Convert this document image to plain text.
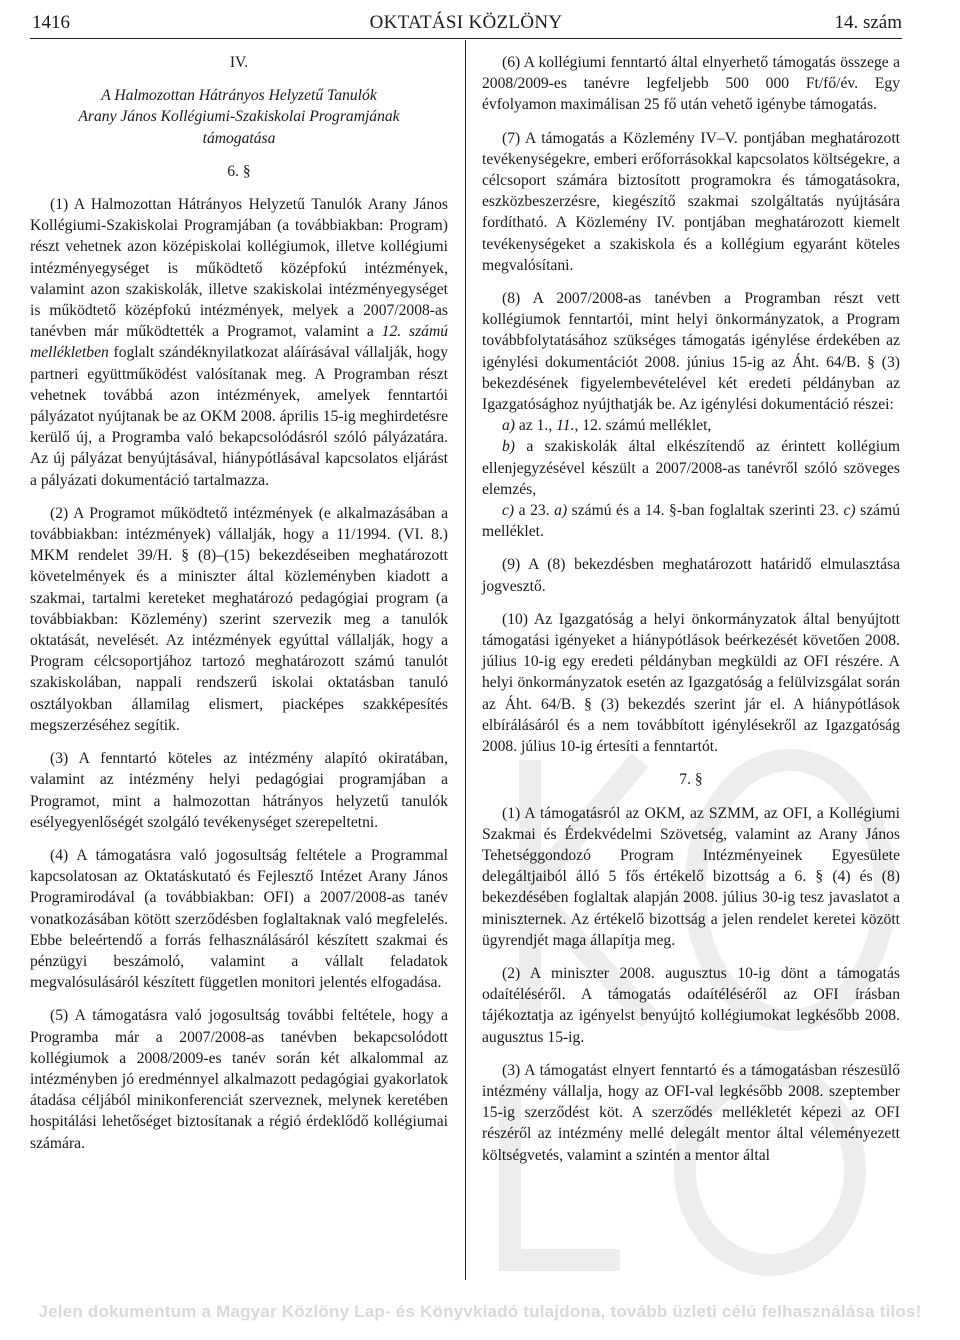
1416	OKTATÁSI KÖZLÖNY	14. szám

IV.

A Halmozottan Hátrányos Helyzetű Tanulók
Arany János Kollégiumi-Szakiskolai Programjának
támogatása

6. §

(1) A Halmozottan Hátrányos Helyzetű Tanulók Arany János Kollégiumi-Szakiskolai Programjában (a továbbiakban: Program) részt vehetnek azon középiskolai kollégiumok, illetve kollégiumi intézményegységet is működtető középfokú intézmények, valamint azon szakiskolák, illetve szakiskolai intézményegységet is működtető középfokú intézmények, melyek a 2007/2008-as tanévben már működtették a Programot, valamint a 12. számú mellékletben foglalt szándéknyilatkozat aláírásával vállalják, hogy partneri együttműködést valósítanak meg. A Programban részt vehetnek továbbá azon intézmények, amelyek fenntartói pályázatot nyújtanak be az OKM 2008. április 15-ig meghirdetésre kerülő új, a Programba való bekapcsolódásról szóló pályázatára. Az új pályázat benyújtásával, hiánypótlásával kapcsolatos eljárást a pályázati dokumentáció tartalmazza.

(2) A Programot működtető intézmények (e alkalmazásában a továbbiakban: intézmények) vállalják, hogy a 11/1994. (VI. 8.) MKM rendelet 39/H. § (8)–(15) bekezdéseiben meghatározott követelmények és a miniszter által közleményben kiadott a szakmai, tartalmi kereteket meghatározó pedagógiai program (a továbbiakban: Közlemény) szerint szervezik meg a tanulók oktatását, nevelését. Az intézmények egyúttal vállalják, hogy a Program célcsoportjához tartozó meghatározott számú tanulót szakiskolában, nappali rendszerű iskolai oktatásban tanuló osztályokban államilag elismert, piacképes szakképesítés megszerzéséhez segítik.

(3) A fenntartó köteles az intézmény alapító okiratában, valamint az intézmény helyi pedagógiai programjában a Programot, mint a halmozottan hátrányos helyzetű tanulók esélyegyenlőségét szolgáló tevékenységet szerepeltetni.

(4) A támogatásra való jogosultság feltétele a Programmal kapcsolatosan az Oktatáskutató és Fejlesztő Intézet Arany János Programirodával (a továbbiakban: OFI) a 2007/2008-as tanév vonatkozásában kötött szerződésben foglaltaknak való megfelelés. Ebbe beleértendő a forrás felhasználásáról készített szakmai és pénzügyi beszámoló, valamint a vállalt feladatok megvalósulásáról készített független monitori jelentés elfogadása.

(5) A támogatásra való jogosultság további feltétele, hogy a Programba már a 2007/2008-as tanévben bekapcsolódott kollégiumok a 2008/2009-es tanév során két alkalommal az intézményben jó eredménnyel alkalmazott pedagógiai gyakorlatok átadása céljából minikonferenciát szerveznek, melynek keretében hospitálási lehetőséget biztosítanak a régió érdeklődő kollégiumai számára.

(6) A kollégiumi fenntartó által elnyerhető támogatás összege a 2008/2009-es tanévre legfeljebb 500 000 Ft/fő/év. Egy évfolyamon maximálisan 25 fő után vehető igénybe támogatás.

(7) A támogatás a Közlemény IV–V. pontjában meghatározott tevékenységekre, emberi erőforrásokkal kapcsolatos költségekre, a célcsoport számára biztosított programokra és támogatásokra, eszközbeszerzésre, kiegészítő szakmai szolgáltatás nyújtására fordítható. A Közlemény IV. pontjában meghatározott kiemelt tevékenységeket a szakiskola és a kollégium egyaránt köteles megvalósítani.

(8) A 2007/2008-as tanévben a Programban részt vett kollégiumok fenntartói, mint helyi önkormányzatok, a Program továbbfolytatásához szükséges támogatás igénylése érdekében az igénylési dokumentációt 2008. június 15-ig az Áht. 64/B. § (3) bekezdésének figyelembevételével két eredeti példányban az Igazgatósághoz nyújthatják be. Az igénylési dokumentáció részei:

a) az 1., 11., 12. számú melléklet,

b) a szakiskolák által elkészítendő az érintett kollégium ellenjegyzésével készült a 2007/2008-as tanévről szóló szöveges elemzés,

c) a 23. a) számú és a 14. §-ban foglaltak szerinti 23. c) számú melléklet.

(9) A (8) bekezdésben meghatározott határidő elmulasztása jogvesztő.

(10) Az Igazgatóság a helyi önkormányzatok által benyújtott támogatási igényeket a hiánypótlások beérkezését követően 2008. július 10-ig egy eredeti példányban megküldi az OFI részére. A helyi önkormányzatok esetén az Igazgatóság a felülvizsgálat során az Áht. 64/B. § (3) bekezdés szerint jár el. A hiánypótlások elbírálásáról és a nem továbbított igénylésekről az Igazgatóság 2008. július 10-ig értesíti a fenntartót.

7. §

(1) A támogatásról az OKM, az SZMM, az OFI, a Kollégiumi Szakmai és Érdekvédelmi Szövetség, valamint az Arany János Tehetséggondozó Program Intézményeinek Egyesülete delegáltjaiból álló 5 fős értékelő bizottság a 6. § (4) és (8) bekezdésében foglaltak alapján 2008. július 30-ig tesz javaslatot a miniszternek. Az értékelő bizottság a jelen rendelet keretei között ügyrendjét maga állapítja meg.

(2) A miniszter 2008. augusztus 10-ig dönt a támogatás odaítéléséről. A támogatás odaítéléséről az OFI írásban tájékoztatja az igényelst benyújtó kollégiumokat legkésőbb 2008. augusztus 15-ig.

(3) A támogatást elnyert fenntartó és a támogatásban részesülő intézmény vállalja, hogy az OFI-val legkésőbb 2008. szeptember 15-ig szerződést köt. A szerződés mellékletét képezi az OFI részéről az intézmény mellé delegált mentor által véleményezett költségvetés, valamint a szintén a mentor által

Jelen dokumentum a Magyar Közlöny Lap- és Könyvkiadó tulajdona, tovább üzleti célú felhasználása tilos!
